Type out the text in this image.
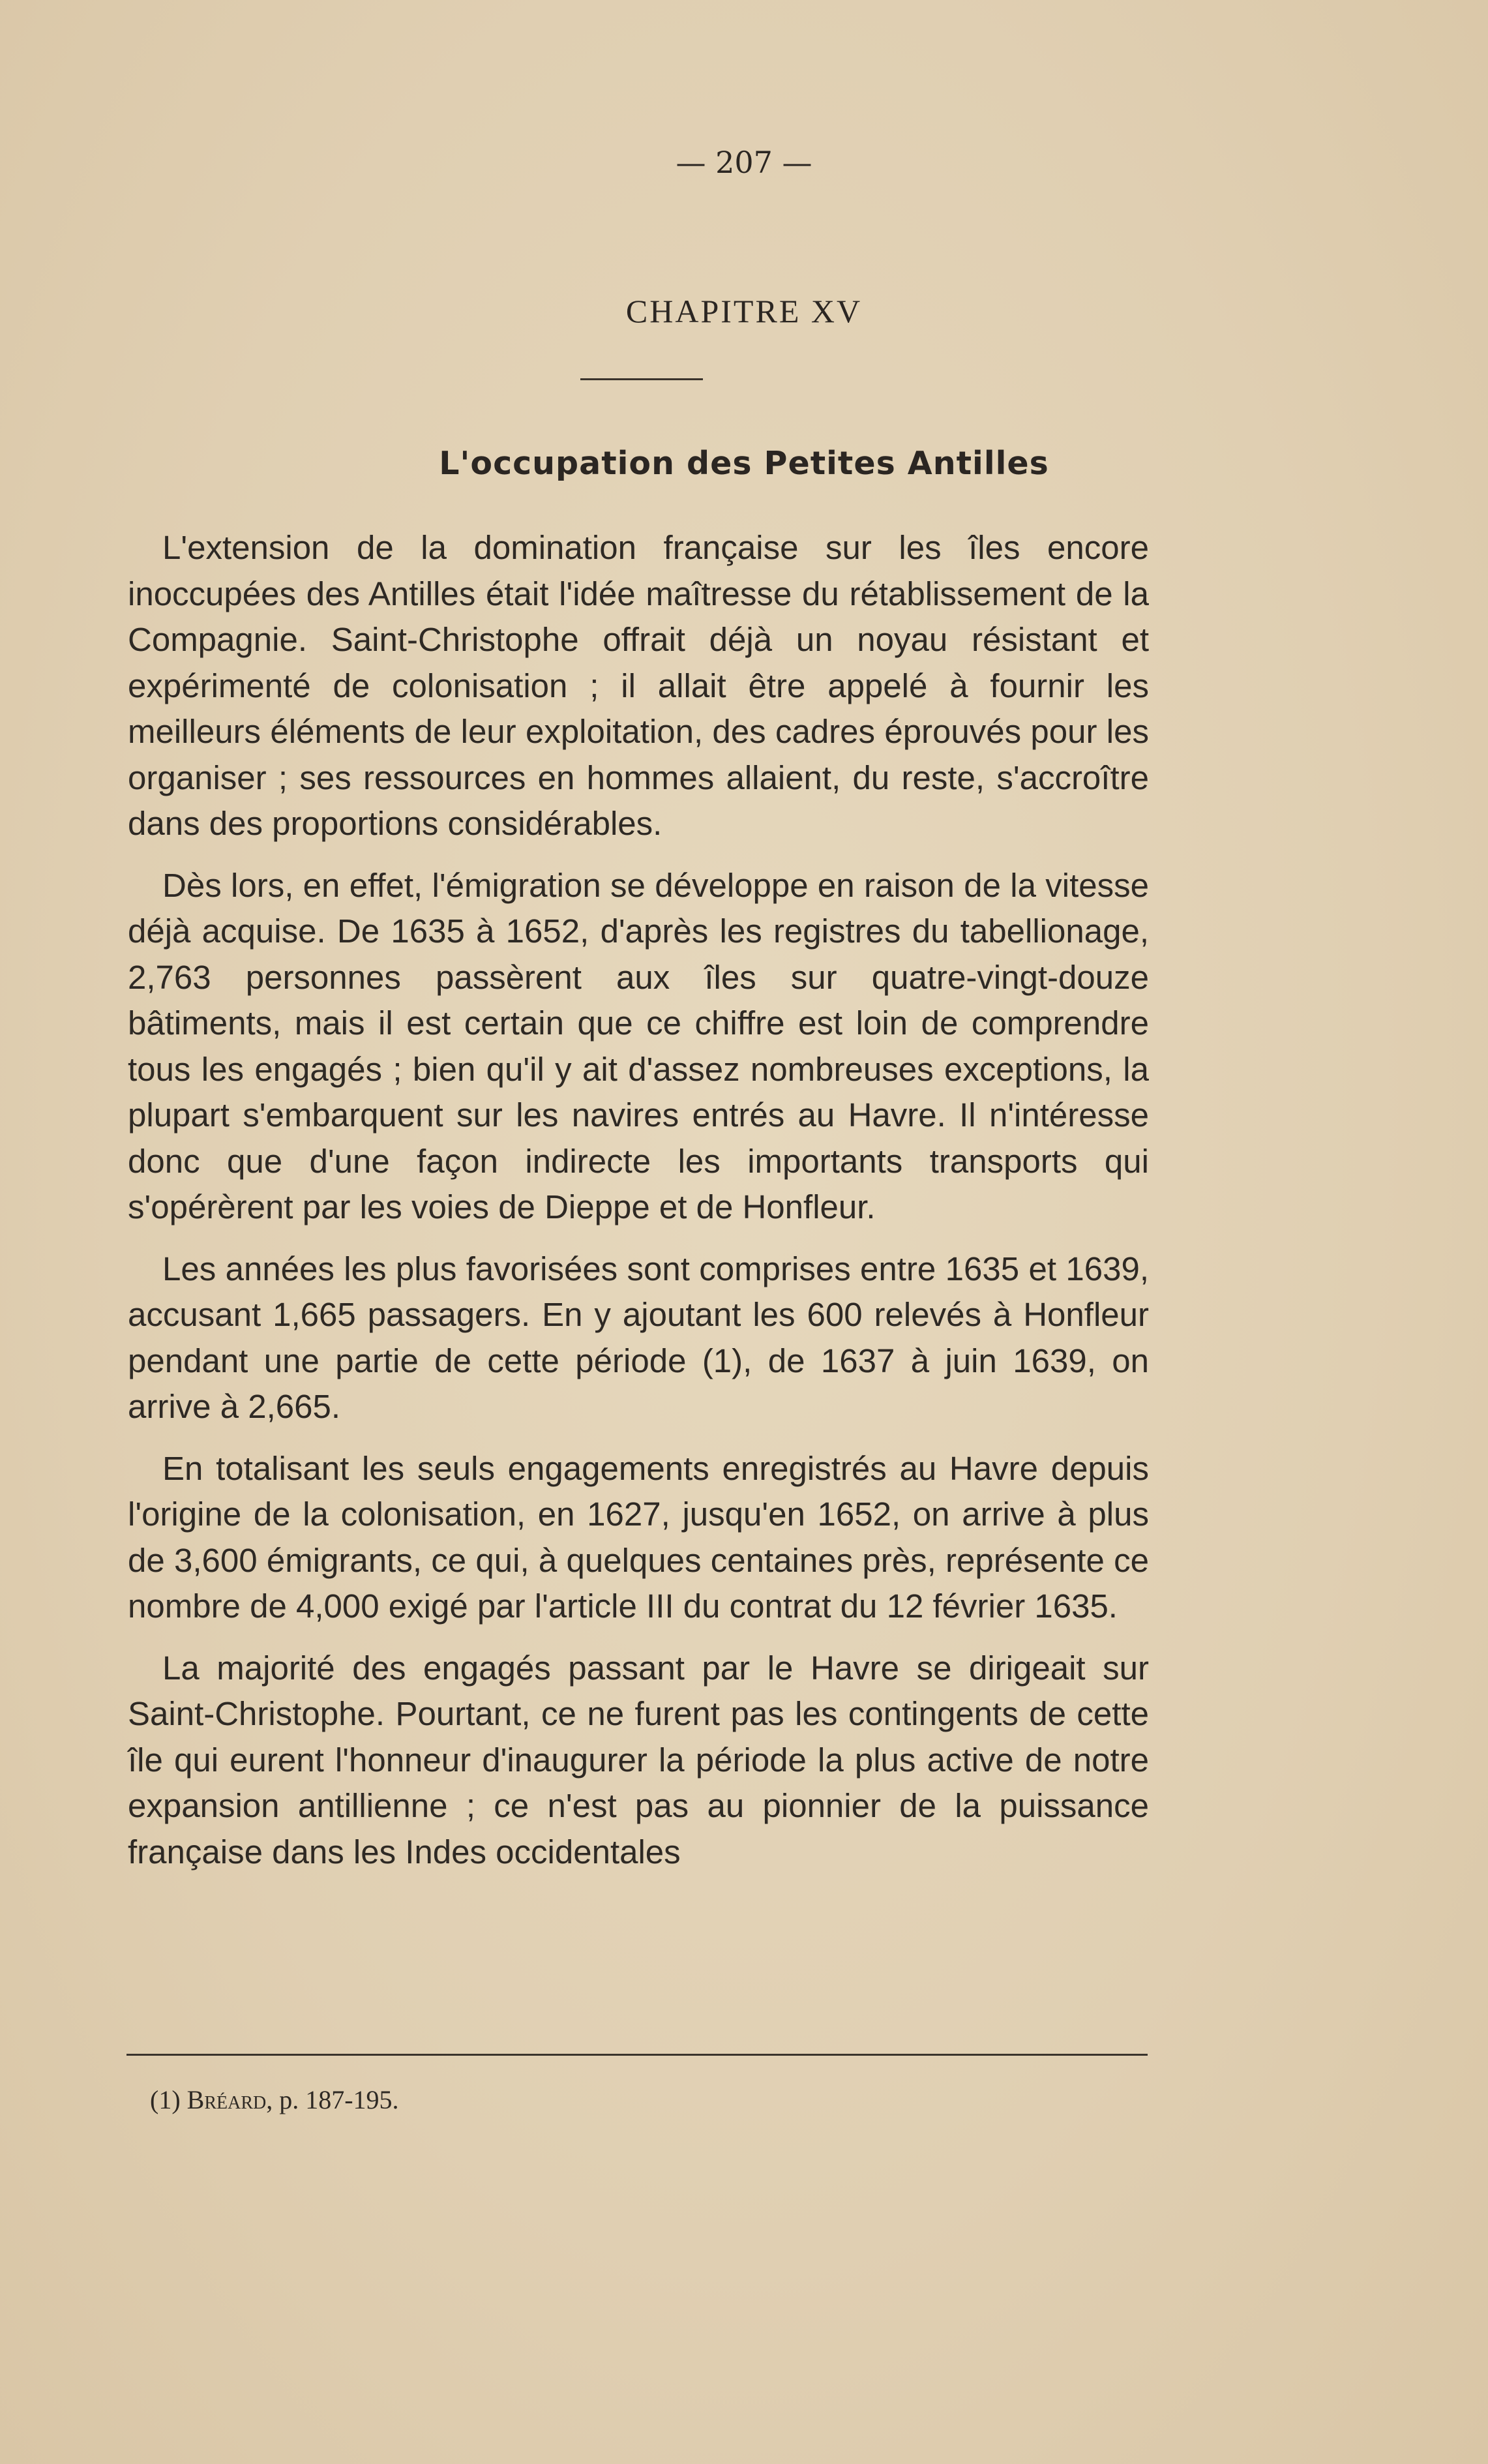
— 207 —
CHAPITRE XV
L'occupation des Petites Antilles

L'extension de la domination française sur les îles encore inoccupées des Antilles était l'idée maîtresse du rétablissement de la Compagnie. Saint-Christophe offrait déjà un noyau résistant et expérimenté de colonisation ; il allait être appelé à fournir les meilleurs éléments de leur exploitation, des cadres éprouvés pour les organiser ; ses ressources en hommes allaient, du reste, s'accroître dans des proportions considérables.

Dès lors, en effet, l'émigration se développe en raison de la vitesse déjà acquise. De 1635 à 1652, d'après les registres du tabellionage, 2,763 personnes passèrent aux îles sur quatre-vingt-douze bâtiments, mais il est certain que ce chiffre est loin de comprendre tous les engagés ; bien qu'il y ait d'assez nombreuses exceptions, la plupart s'embarquent sur les navires entrés au Havre. Il n'intéresse donc que d'une façon indirecte les importants transports qui s'opérèrent par les voies de Dieppe et de Honfleur.

Les années les plus favorisées sont comprises entre 1635 et 1639, accusant 1,665 passagers. En y ajoutant les 600 relevés à Honfleur pendant une partie de cette période (1), de 1637 à juin 1639, on arrive à 2,665.

En totalisant les seuls engagements enregistrés au Havre depuis l'origine de la colonisation, en 1627, jusqu'en 1652, on arrive à plus de 3,600 émigrants, ce qui, à quelques centaines près, représente ce nombre de 4,000 exigé par l'article III du contrat du 12 février 1635.

La majorité des engagés passant par le Havre se dirigeait sur Saint-Christophe. Pourtant, ce ne furent pas les contingents de cette île qui eurent l'honneur d'inaugurer la période la plus active de notre expansion antillienne ; ce n'est pas au pionnier de la puissance française dans les Indes occidentales

(1) Bréard, p. 187-195.
